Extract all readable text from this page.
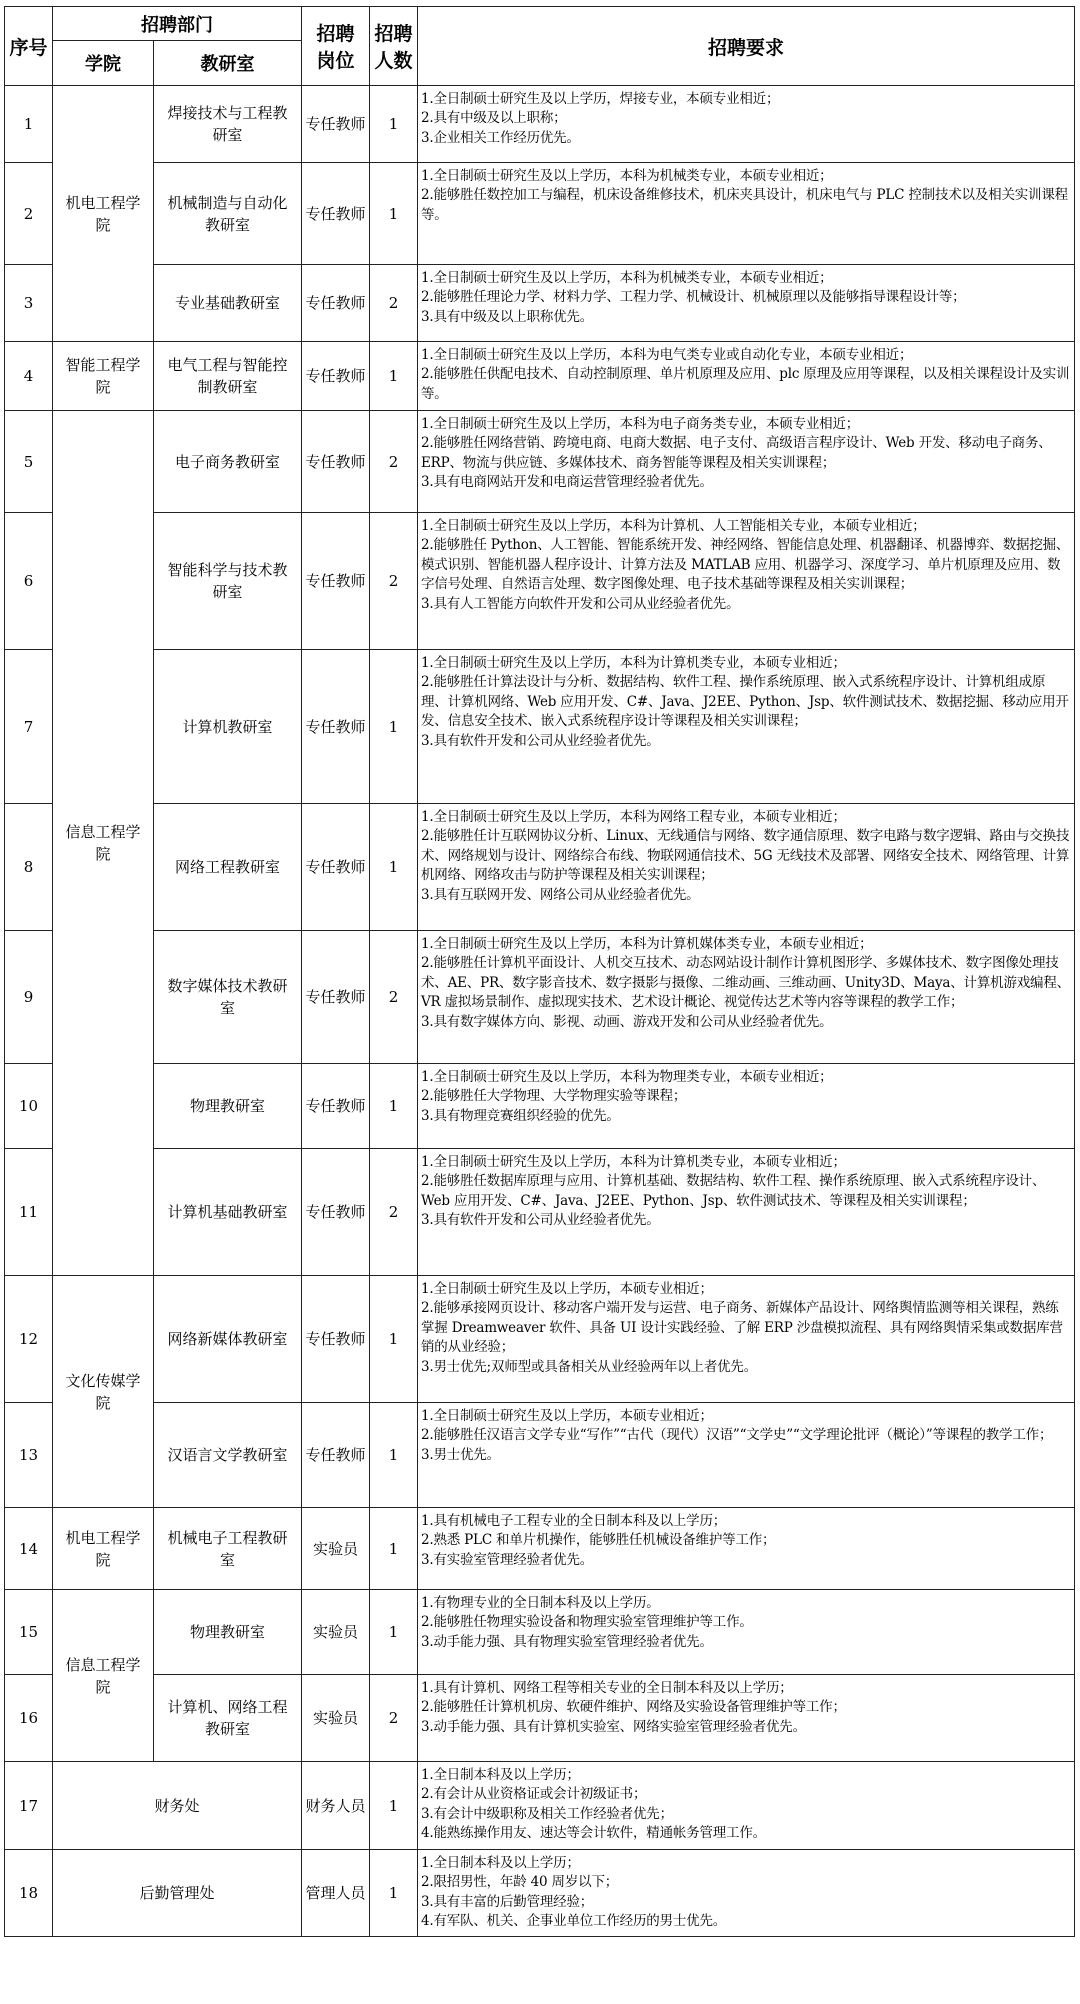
序号	招聘部门		招聘岗位	招聘人数	招聘要求
	学院	教研室			
1	机电工程学院	焊接技术与工程教研室	专任教师	1	1.全日制硕士研究生及以上学历，焊接专业，本硕专业相近；
2.具有中级及以上职称；
3.企业相关工作经历优先。

2		机械制造与自动化教研室	专任教师	1	1.全日制硕士研究生及以上学历，本科为机械类专业，本硕专业相近；
2.能够胜任数控加工与编程，机床设备维修技术，机床夹具设计，机床电气与 PLC 控制技术以及相关实训课程等。

3		专业基础教研室	专任教师	2	1.全日制硕士研究生及以上学历，本科为机械类专业，本硕专业相近；
2.能够胜任理论力学、材料力学、工程力学、机械设计、机械原理以及能够指导课程设计等；
3.具有中级及以上职称优先。

4	智能工程学院	电气工程与智能控制教研室	专任教师	1	1.全日制硕士研究生及以上学历，本科为电气类专业或自动化专业，本硕专业相近；
2.能够胜任供配电技术、自动控制原理、单片机原理及应用、plc 原理及应用等课程，以及相关课程设计及实训等。

5	信息工程学院	电子商务教研室	专任教师	2	1.全日制硕士研究生及以上学历，本科为电子商务类专业，本硕专业相近；
2.能够胜任网络营销、跨境电商、电商大数据、电子支付、高级语言程序设计、Web 开发、移动电子商务、ERP、物流与供应链、多媒体技术、商务智能等课程及相关实训课程；
3.具有电商网站开发和电商运营管理经验者优先。

6		智能科学与技术教研室	专任教师	2	1.全日制硕士研究生及以上学历，本科为计算机、人工智能相关专业，本硕专业相近；
2.能够胜任 Python、人工智能、智能系统开发、神经网络、智能信息处理、机器翻译、机器博弈、数据挖掘、模式识别、智能机器人程序设计、计算方法及 MATLAB 应用、机器学习、深度学习、单片机原理及应用、数字信号处理、自然语言处理、数字图像处理、电子技术基础等课程及相关实训课程；
3.具有人工智能方向软件开发和公司从业经验者优先。

7		计算机教研室	专任教师	1	1.全日制硕士研究生及以上学历，本科为计算机类专业，本硕专业相近；
2.能够胜任计算法设计与分析、数据结构、软件工程、操作系统原理、嵌入式系统程序设计、计算机组成原理、计算机网络、Web 应用开发、C#、Java、J2EE、Python、Jsp、软件测试技术、数据挖掘、移动应用开发、信息安全技术、嵌入式系统程序设计等课程及相关实训课程；
3.具有软件开发和公司从业经验者优先。

8		网络工程教研室	专任教师	1	1.全日制硕士研究生及以上学历，本科为网络工程专业，本硕专业相近；
2.能够胜任计互联网协议分析、Linux、无线通信与网络、数字通信原理、数字电路与数字逻辑、路由与交换技术、网络规划与设计、网络综合布线、物联网通信技术、5G 无线技术及部署、网络安全技术、网络管理、计算机网络、网络攻击与防护等课程及相关实训课程；
3.具有互联网开发、网络公司从业经验者优先。

9		数字媒体技术教研室	专任教师	2	1.全日制硕士研究生及以上学历，本科为计算机媒体类专业，本硕专业相近；
2.能够胜任计算机平面设计、人机交互技术、动态网站设计制作计算机图形学、多媒体技术、数字图像处理技术、AE、PR、数字影音技术、数字摄影与摄像、二维动画、三维动画、Unity3D、Maya、计算机游戏编程、VR 虚拟场景制作、虚拟现实技术、艺术设计概论、视觉传达艺术等内容等课程的教学工作；
3.具有数字媒体方向、影视、动画、游戏开发和公司从业经验者优先。

10		物理教研室	专任教师	1	1.全日制硕士研究生及以上学历，本科为物理类专业，本硕专业相近；
2.能够胜任大学物理、大学物理实验等课程；
3.具有物理竞赛组织经验的优先。

11		计算机基础教研室	专任教师	2	1.全日制硕士研究生及以上学历，本科为计算机类专业，本硕专业相近；
2.能够胜任数据库原理与应用、计算机基础、数据结构、软件工程、操作系统原理、嵌入式系统程序设计、Web 应用开发、C#、Java、J2EE、Python、Jsp、软件测试技术、等课程及相关实训课程；
3.具有软件开发和公司从业经验者优先。

12	文化传媒学院	网络新媒体教研室	专任教师	1	1.全日制硕士研究生及以上学历，本硕专业相近；
2.能够承接网页设计、移动客户端开发与运营、电子商务、新媒体产品设计、网络舆情监测等相关课程，熟练掌握 Dreamweaver 软件、具备 UI 设计实践经验、了解 ERP 沙盘模拟流程、具有网络舆情采集或数据库营销的从业经验；
3.男士优先;双师型或具备相关从业经验两年以上者优先。

13		汉语言文学教研室	专任教师	1	1.全日制硕士研究生及以上学历，本硕专业相近；
2.能够胜任汉语言文学专业“写作”“古代（现代）汉语”“文学史”“文学理论批评（概论）”等课程的教学工作；
3.男士优先。

14	机电工程学院	机械电子工程教研室	实验员	1	1.具有机械电子工程专业的全日制本科及以上学历；
2.熟悉 PLC 和单片机操作，能够胜任机械设备维护等工作；
3.有实验室管理经验者优先。

15	信息工程学院	物理教研室	实验员	1	1.有物理专业的全日制本科及以上学历。
2.能够胜任物理实验设备和物理实验室管理维护等工作。
3.动手能力强、具有物理实验室管理经验者优先。

16		计算机、网络工程教研室	实验员	2	1.具有计算机、网络工程等相关专业的全日制本科及以上学历；
2.能够胜任计算机机房、软硬件维护、网络及实验设备管理维护等工作；
3.动手能力强、具有计算机实验室、网络实验室管理经验者优先。

17	财务处		财务人员	1	1.全日制本科及以上学历；
2.有会计从业资格证或会计初级证书；
3.有会计中级职称及相关工作经验者优先；
4.能熟练操作用友、速达等会计软件，精通帐务管理工作。

18	后勤管理处		管理人员	1	1.全日制本科及以上学历；
2.限招男性，年龄 40 周岁以下；
3.具有丰富的后勤管理经验；
4.有军队、机关、企事业单位工作经历的男士优先。
